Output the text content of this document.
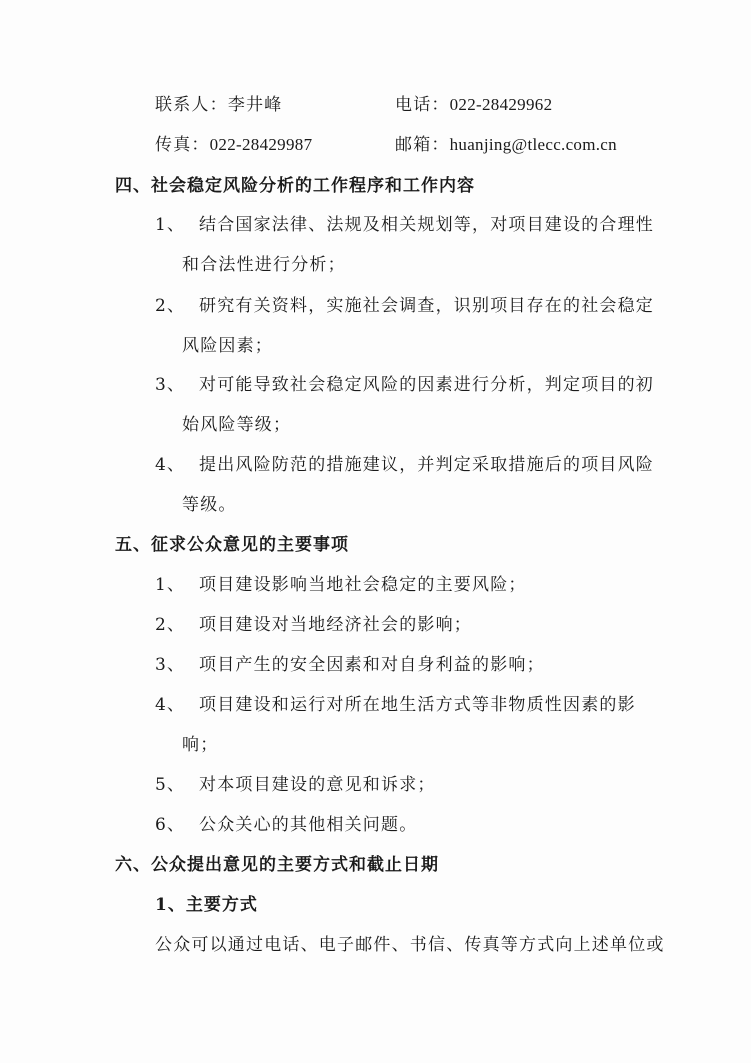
联系人：李井峰	电话：022-28429962
传真：022-28429987	邮箱：huanjing@tlecc.com.cn
四、社会稳定风险分析的工作程序和工作内容
1、 结合国家法律、法规及相关规划等，对项目建设的合理性
和合法性进行分析；
2、 研究有关资料，实施社会调查，识别项目存在的社会稳定
风险因素；
3、 对可能导致社会稳定风险的因素进行分析，判定项目的初
始风险等级；
4、 提出风险防范的措施建议，并判定采取措施后的项目风险
等级。
五、征求公众意见的主要事项
1、 项目建设影响当地社会稳定的主要风险；
2、 项目建设对当地经济社会的影响；
3、 项目产生的安全因素和对自身利益的影响；
4、 项目建设和运行对所在地生活方式等非物质性因素的影
响；
5、 对本项目建设的意见和诉求；
6、 公众关心的其他相关问题。
六、公众提出意见的主要方式和截止日期
1、主要方式
公众可以通过电话、电子邮件、书信、传真等方式向上述单位或
